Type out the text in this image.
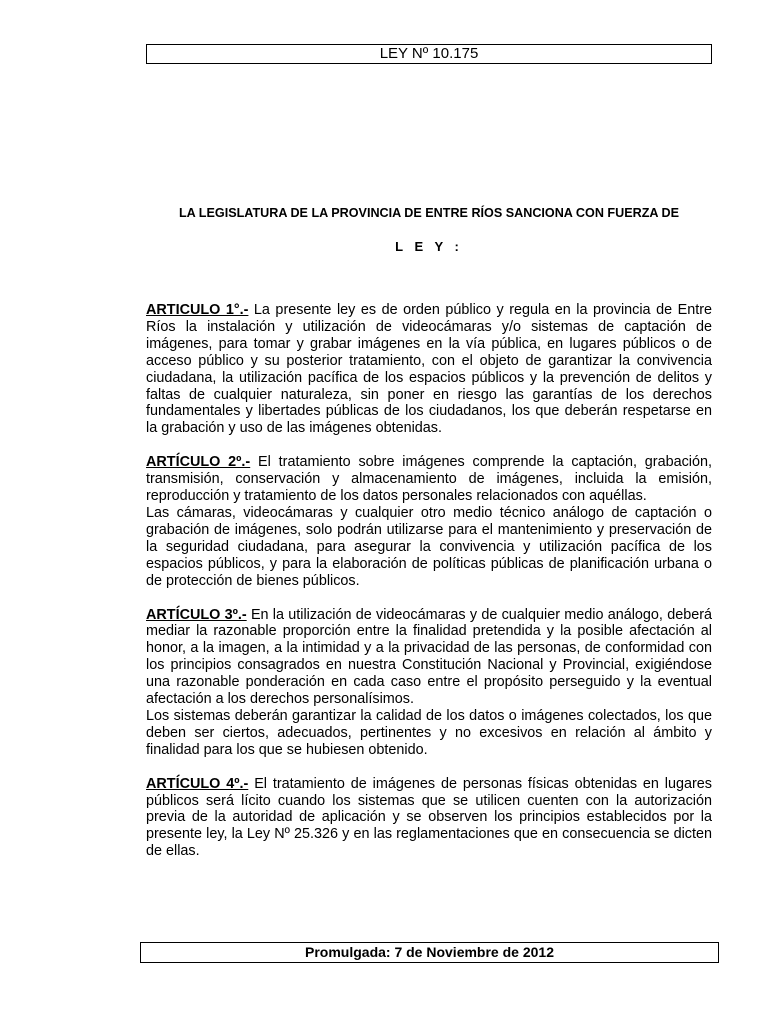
LEY Nº 10.175
LA LEGISLATURA DE LA PROVINCIA DE ENTRE RÍOS SANCIONA CON FUERZA DE
L E Y :

ARTICULO 1°.- La presente ley es de orden público y regula en la provincia de Entre Ríos la instalación y utilización de videocámaras y/o sistemas de captación de imágenes, para tomar y grabar imágenes en la vía pública, en lugares públicos o de acceso público y su posterior tratamiento, con el objeto de garantizar la convivencia ciudadana, la utilización pacífica de los espacios públicos y la prevención de delitos y faltas de cualquier naturaleza, sin poner en riesgo las garantías de los derechos fundamentales y libertades públicas de los ciudadanos, los que deberán respetarse en la grabación y uso de las imágenes obtenidas.

ARTÍCULO 2º.- El tratamiento sobre imágenes comprende la captación, grabación, transmisión, conservación y almacenamiento de imágenes, incluida la emisión, reproducción y tratamiento de los datos personales relacionados con aquéllas.

Las cámaras, videocámaras y cualquier otro medio técnico análogo de captación o grabación de imágenes, solo podrán utilizarse para el mantenimiento y preservación de la seguridad ciudadana, para asegurar la convivencia y utilización pacífica de los espacios públicos, y para la elaboración de políticas públicas de planificación urbana o de protección de bienes públicos.

ARTÍCULO 3º.- En la utilización de videocámaras y de cualquier medio análogo, deberá mediar la razonable proporción entre la finalidad pretendida y la posible afectación al honor, a la imagen, a la intimidad y a la privacidad de las personas, de conformidad con los principios consagrados en nuestra Constitución Nacional y Provincial, exigiéndose una razonable ponderación en cada caso entre el propósito perseguido y la eventual afectación a los derechos personalísimos.

Los sistemas deberán garantizar la calidad de los datos o imágenes colectados, los que deben ser ciertos, adecuados, pertinentes y no excesivos en relación al ámbito y finalidad para los que se hubiesen obtenido.

ARTÍCULO 4º.- El tratamiento de imágenes de personas físicas obtenidas en lugares públicos será lícito cuando los sistemas que se utilicen cuenten con la autorización previa de la autoridad de aplicación y se observen los principios establecidos por la presente ley, la Ley Nº 25.326 y en las reglamentaciones que en consecuencia se dicten de ellas.

Promulgada: 7 de Noviembre de 2012
